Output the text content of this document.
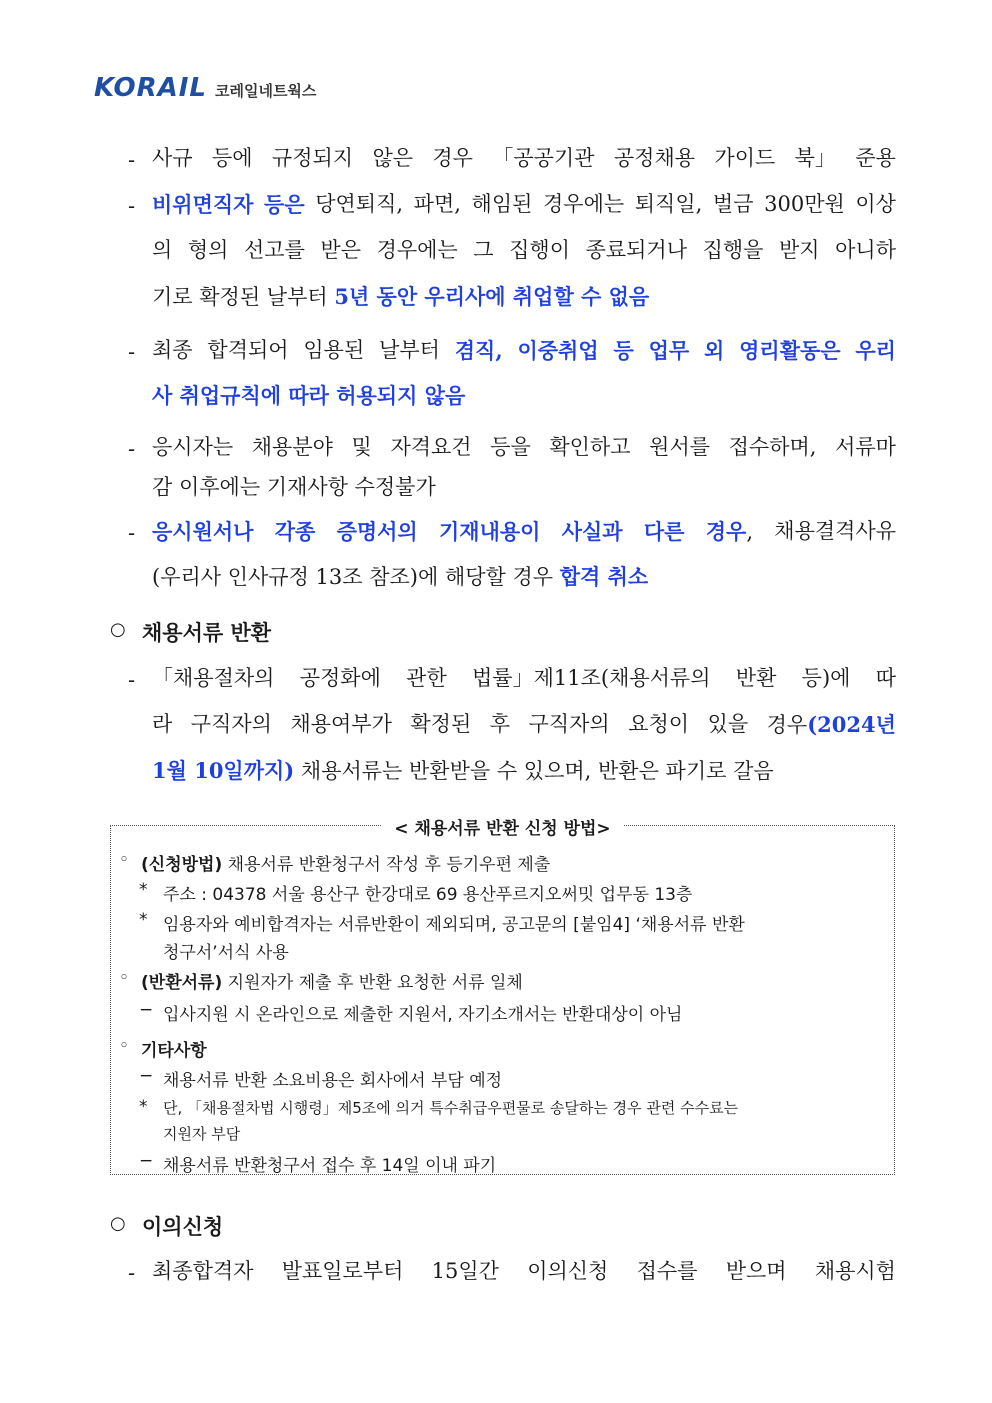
KORAIL 코레일네트웍스
- 사규 등에 규정되지 않은 경우 「공공기관 공정채용 가이드 북」 준용
- 비위면직자 등은 당연퇴직, 파면, 해임된 경우에는 퇴직일, 벌금 300만원 이상
의 형의 선고를 받은 경우에는 그 집행이 종료되거나 집행을 받지 아니하
기로 확정된 날부터 5년 동안 우리사에 취업할 수 없음
- 최종 합격되어 임용된 날부터 겸직, 이중취업 등 업무 외 영리활동은 우리
사 취업규칙에 따라 허용되지 않음
- 응시자는 채용분야 및 자격요건 등을 확인하고 원서를 접수하며, 서류마
감 이후에는 기재사항 수정불가
- 응시원서나 각종 증명서의 기재내용이 사실과 다른 경우, 채용결격사유
(우리사 인사규정 13조 참조)에 해당할 경우 합격 취소
○ 채용서류 반환
- 「채용절차의 공정화에 관한 법률」제11조(채용서류의 반환 등)에 따
라 구직자의 채용여부가 확정된 후 구직자의 요청이 있을 경우(2024년
1월 10일까지) 채용서류는 반환받을 수 있으며, 반환은 파기로 갈음
○ 이의신청
- 최종합격자 발표일로부터 15일간 이의신청 접수를 받으며 채용시험
< 채용서류 반환 신청 방법>
◦ (신청방법) 채용서류 반환청구서 작성 후 등기우편 제출
* 주소 : 04378 서울 용산구 한강대로 69 용산푸르지오써밋 업무동 13층
* 임용자와 예비합격자는 서류반환이 제외되며, 공고문의 [붙임4] ‘채용서류 반환
청구서’서식 사용
◦ (반환서류) 지원자가 제출 후 반환 요청한 서류 일체
− 입사지원 시 온라인으로 제출한 지원서, 자기소개서는 반환대상이 아님
◦ 기타사항
− 채용서류 반환 소요비용은 회사에서 부담 예정
* 단, 「채용절차법 시행령」제5조에 의거 특수취급우편물로 송달하는 경우 관련 수수료는
지원자 부담
− 채용서류 반환청구서 접수 후 14일 이내 파기
